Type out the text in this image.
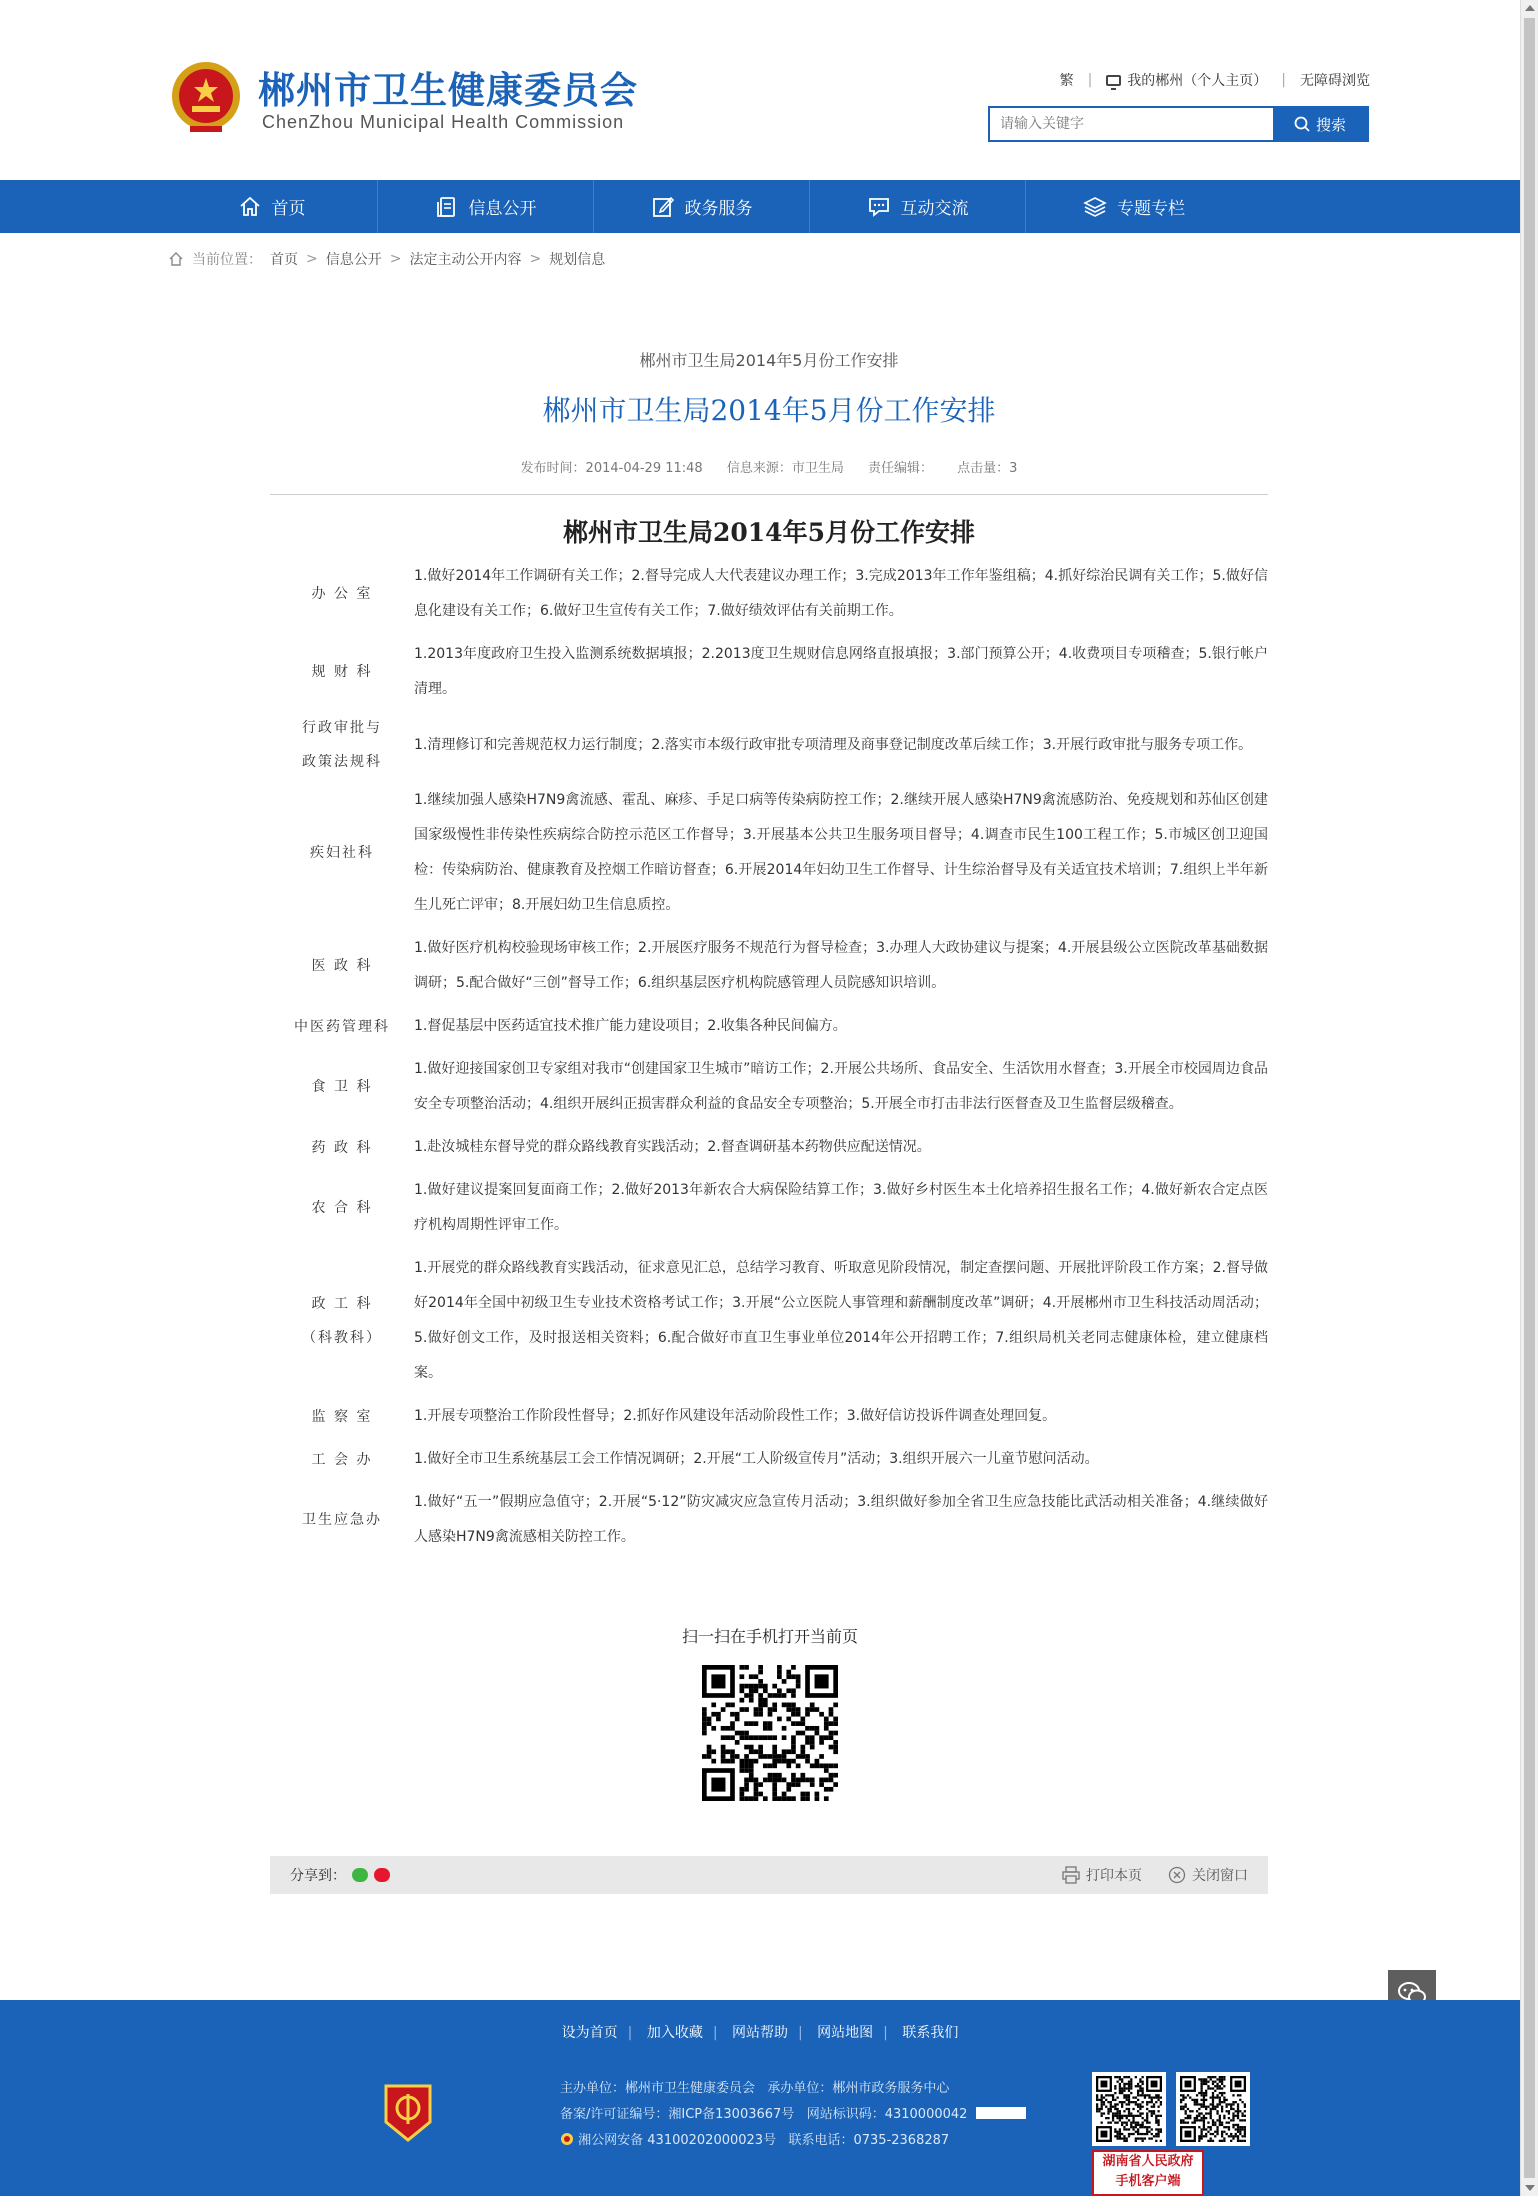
郴州市卫生健康委员会
ChenZhou Municipal Health Commission
繁 |	我的郴州（个人主页） | 无障碍浏览
请输入关键字
搜索
首页	信息公开	政务服务	互动交流	专题专栏
当前位置： 首页 > 信息公开 > 法定主动公开内容 > 规划信息
郴州市卫生局2014年5月份工作安排
郴州市卫生局2014年5月份工作安排
发布时间：2014-04-29 11:48 信息来源：市卫生局 责任编辑： 点击量：3
郴州市卫生局2014年5月份工作安排
办 公 室	1.做好2014年工作调研有关工作；2.督导完成人大代表建议办理工作；3.完成2013年工作年鉴组稿；4.抓好综治民调有关工作；5.做好信息化建设有关工作；6.做好卫生宣传有关工作；7.做好绩效评估有关前期工作。
规 财 科	1.2013年度政府卫生投入监测系统数据填报；2.2013度卫生规财信息网络直报填报；3.部门预算公开；4.收费项目专项稽查；5.银行帐户清理。
行政审批与
政策法规科	1.清理修订和完善规范权力运行制度；2.落实市本级行政审批专项清理及商事登记制度改革后续工作；3.开展行政审批与服务专项工作。
疾妇社科	1.继续加强人感染H7N9禽流感、霍乱、麻疹、手足口病等传染病防控工作；2.继续开展人感染H7N9禽流感防治、免疫规划和苏仙区创建国家级慢性非传染性疾病综合防控示范区工作督导；3.开展基本公共卫生服务项目督导；4.调查市民生100工程工作；5.市城区创卫迎国检：传染病防治、健康教育及控烟工作暗访督查；6.开展2014年妇幼卫生工作督导、计生综治督导及有关适宜技术培训；7.组织上半年新生儿死亡评审；8.开展妇幼卫生信息质控。
医 政 科	1.做好医疗机构校验现场审核工作；2.开展医疗服务不规范行为督导检查；3.办理人大政协建议与提案；4.开展县级公立医院改革基础数据调研；5.配合做好“三创”督导工作；6.组织基层医疗机构院感管理人员院感知识培训。
中医药管理科	1.督促基层中医药适宜技术推广能力建设项目；2.收集各种民间偏方。
食 卫 科	1.做好迎接国家创卫专家组对我市“创建国家卫生城市”暗访工作；2.开展公共场所、食品安全、生活饮用水督查；3.开展全市校园周边食品安全专项整治活动；4.组织开展纠正损害群众利益的食品安全专项整治；5.开展全市打击非法行医督查及卫生监督层级稽查。
药 政 科	1.赴汝城桂东督导党的群众路线教育实践活动；2.督查调研基本药物供应配送情况。
农 合 科	1.做好建议提案回复面商工作；2.做好2013年新农合大病保险结算工作；3.做好乡村医生本土化培养招生报名工作；4.做好新农合定点医疗机构周期性评审工作。
政 工 科
（科教科）	1.开展党的群众路线教育实践活动，征求意见汇总，总结学习教育、听取意见阶段情况，制定查摆问题、开展批评阶段工作方案；2.督导做好2014年全国中初级卫生专业技术资格考试工作；3.开展“公立医院人事管理和薪酬制度改革”调研；4.开展郴州市卫生科技活动周活动；5.做好创文工作，及时报送相关资料；6.配合做好市直卫生事业单位2014年公开招聘工作；7.组织局机关老同志健康体检，建立健康档案。
监 察 室	1.开展专项整治工作阶段性督导；2.抓好作风建设年活动阶段性工作；3.做好信访投诉件调查处理回复。
工 会 办	1.做好全市卫生系统基层工会工作情况调研；2.开展“工人阶级宣传月”活动；3.组织开展六一儿童节慰问活动。
卫生应急办	1.做好“五一”假期应急值守；2.开展“5·12”防灾减灾应急宣传月活动；3.组织做好参加全省卫生应急技能比武活动相关准备；4.继续做好人感染H7N9禽流感相关防控工作。
扫一扫在手机打开当前页
分享到：	打印本页	关闭窗口
设为首页 | 加入收藏 | 网站帮助 | 网站地图 | 联系我们
主办单位：郴州市卫生健康委员会 承办单位：郴州市政务服务中心
备案/许可证编号：湘ICP备13003667号 网站标识码：4310000042
湘公网安备 43100202000023号 联系电话：0735-2368287
湖南省人民政府
手机客户端
